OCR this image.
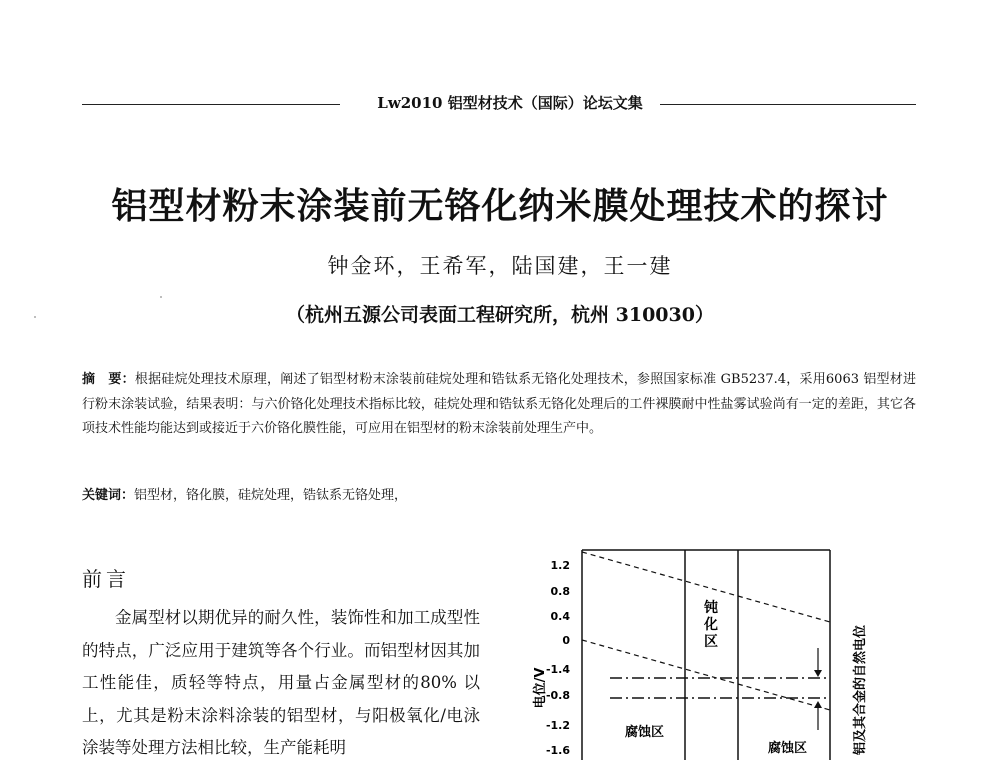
Lw2010 铝型材技术（国际）论坛文集
铝型材粉末涂装前无铬化纳米膜处理技术的探讨
钟金环，王希军，陆国建，王一建
（杭州五源公司表面工程研究所，杭州 310030）
摘　要：根据硅烷处理技术原理，阐述了铝型材粉末涂装前硅烷处理和锆钛系无铬化处理技术，参照国家标准 GB5237.4，采用6063 铝型材进行粉末涂装试验，结果表明：与六价铬化处理技术指标比较，硅烷处理和锆钛系无铬化处理后的工件裸膜耐中性盐雾试验尚有一定的差距，其它各项技术性能均能达到或接近于六价铬化膜性能，可应用在铝型材的粉末涂装前处理生产中。
关键词：铝型材，铬化膜，硅烷处理，锆钛系无铬处理，
前言
金属型材以期优异的耐久性，装饰性和加工成型性的特点，广泛应用于建筑等各个行业。而铝型材因其加工性能佳，质轻等特点，用量占金属型材的80% 以上，尤其是粉末涂料涂装的铝型材，与阳极氧化/电泳涂装等处理方法相比较，生产能耗明
电位/V
1.2
0.8
0.4
0
-1.4
-0.8
-1.2
-1.6
钝化区
腐蚀区
腐蚀区	铝及其合金的自然电位
